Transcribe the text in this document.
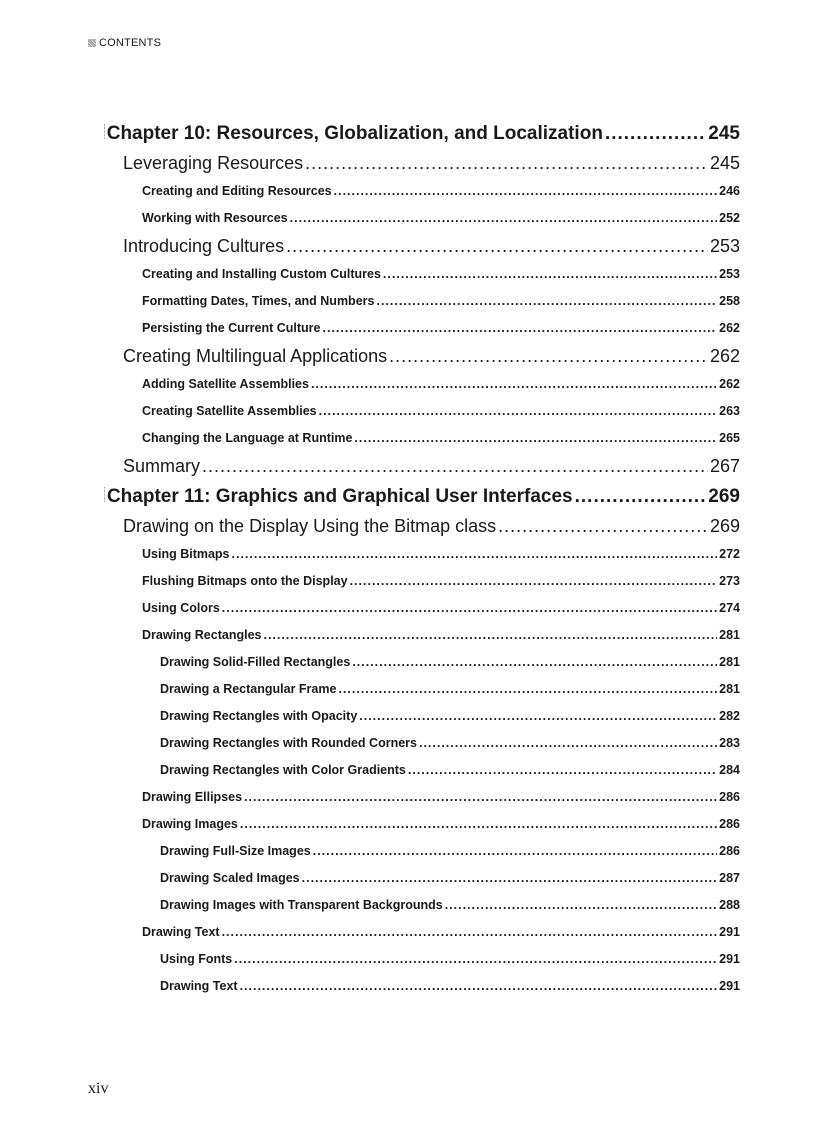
CONTENTS
Chapter 10: Resources, Globalization, and Localization .....	245
Leveraging Resources .....	245
Creating and Editing Resources .....	246
Working with Resources .....	252
Introducing Cultures .....	253
Creating and Installing Custom Cultures .....	253
Formatting Dates, Times, and Numbers .....	258
Persisting the Current Culture .....	262
Creating Multilingual Applications .....	262
Adding Satellite Assemblies .....	262
Creating Satellite Assemblies .....	263
Changing the Language at Runtime .....	265
Summary .....	267
Chapter 11: Graphics and Graphical User Interfaces .....	269
Drawing on the Display Using the Bitmap class .....	269
Using Bitmaps .....	272
Flushing Bitmaps onto the Display .....	273
Using Colors .....	274
Drawing Rectangles .....	281
Drawing Solid-Filled Rectangles .....	281
Drawing a Rectangular Frame .....	281
Drawing Rectangles with Opacity .....	282
Drawing Rectangles with Rounded Corners .....	283
Drawing Rectangles with Color Gradients .....	284
Drawing Ellipses .....	286
Drawing Images .....	286
Drawing Full-Size Images .....	286
Drawing Scaled Images .....	287
Drawing Images with Transparent Backgrounds .....	288
Drawing Text .....	291
Using Fonts .....	291
Drawing Text .....	291
xiv
